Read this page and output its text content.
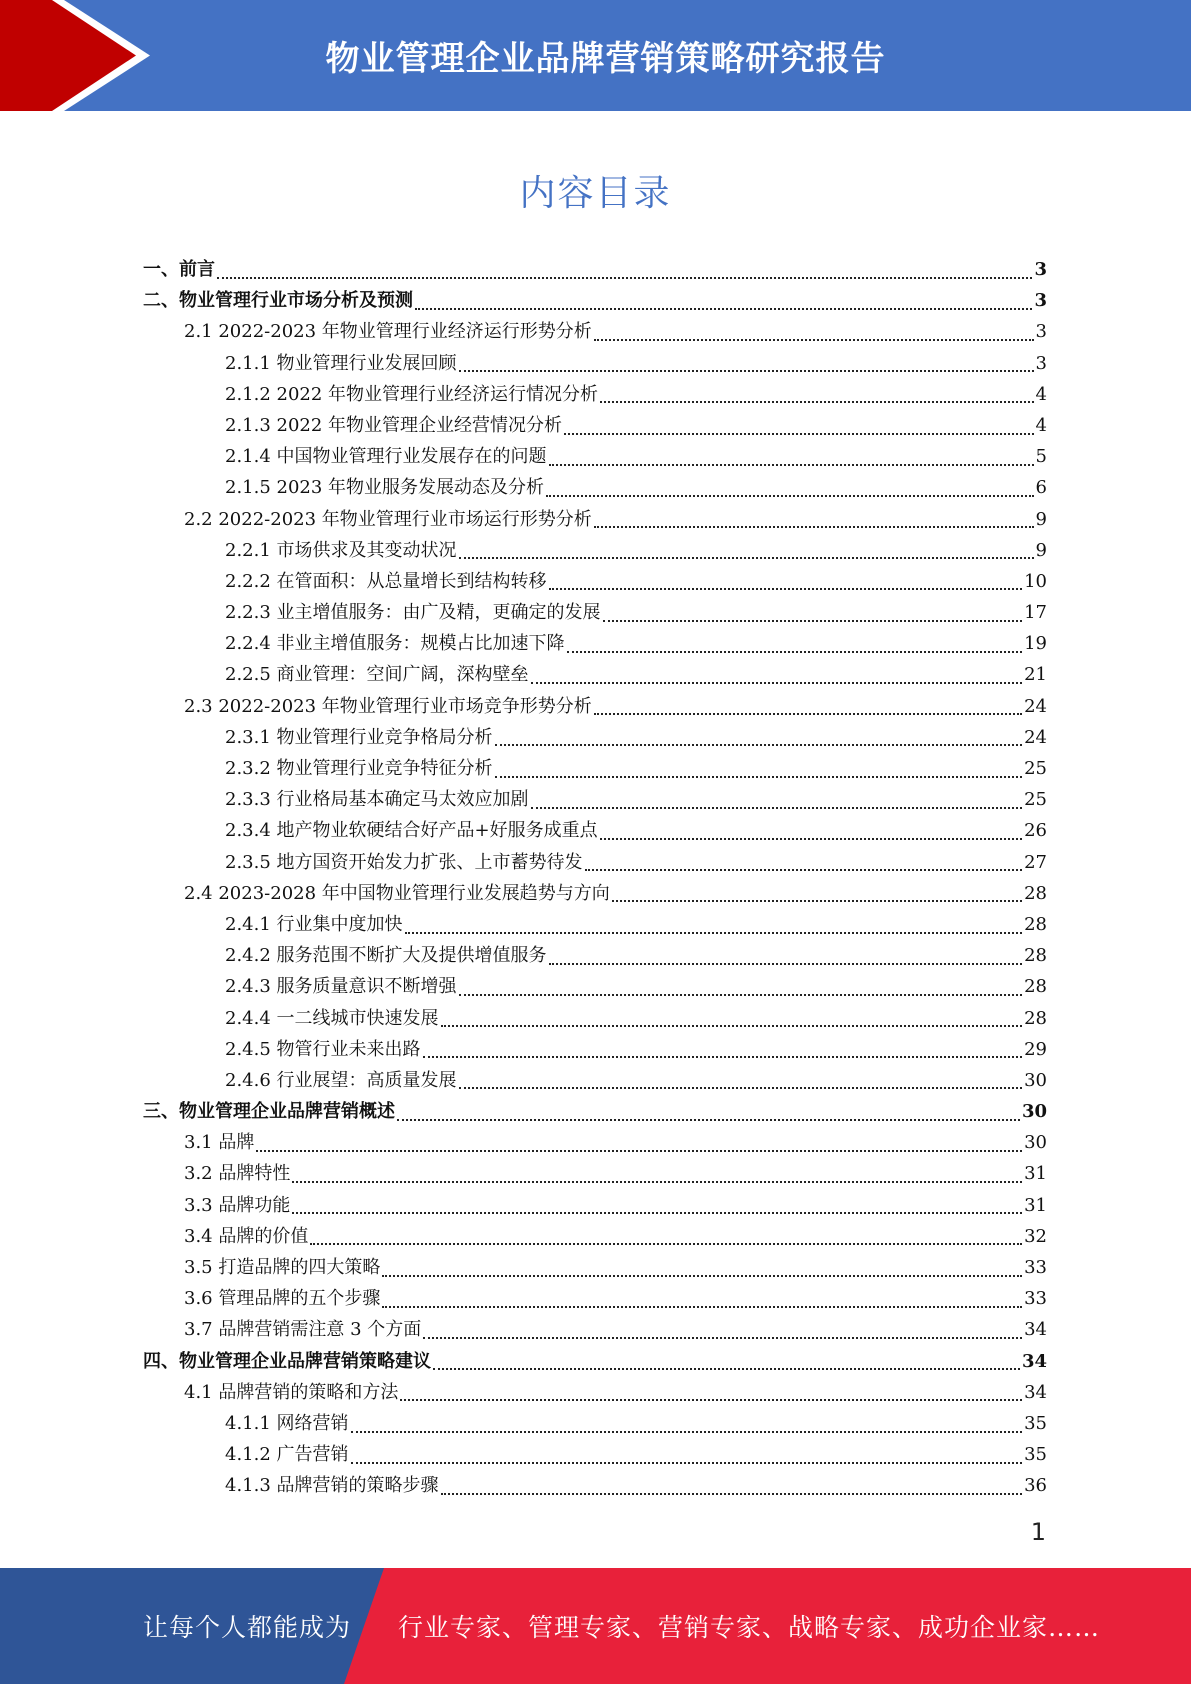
物业管理企业品牌营销策略研究报告
内容目录
一、前言	3
二、物业管理行业市场分析及预测	3
2.1 2022-2023 年物业管理行业经济运行形势分析	3
2.1.1 物业管理行业发展回顾	3
2.1.2 2022 年物业管理行业经济运行情况分析	4
2.1.3 2022 年物业管理企业经营情况分析	4
2.1.4 中国物业管理行业发展存在的问题	5
2.1.5 2023 年物业服务发展动态及分析	6
2.2 2022-2023 年物业管理行业市场运行形势分析	9
2.2.1 市场供求及其变动状况	9
2.2.2 在管面积：从总量增长到结构转移	10
2.2.3 业主增值服务：由广及精，更确定的发展	17
2.2.4 非业主增值服务：规模占比加速下降	19
2.2.5 商业管理：空间广阔，深构壁垒	21
2.3 2022-2023 年物业管理行业市场竞争形势分析	24
2.3.1 物业管理行业竞争格局分析	24
2.3.2 物业管理行业竞争特征分析	25
2.3.3 行业格局基本确定马太效应加剧	25
2.3.4 地产物业软硬结合好产品+好服务成重点	26
2.3.5 地方国资开始发力扩张、上市蓄势待发	27
2.4 2023-2028 年中国物业管理行业发展趋势与方向	28
2.4.1 行业集中度加快	28
2.4.2 服务范围不断扩大及提供增值服务	28
2.4.3 服务质量意识不断增强	28
2.4.4 一二线城市快速发展	28
2.4.5 物管行业未来出路	29
2.4.6 行业展望：高质量发展	30
三、物业管理企业品牌营销概述	30
3.1 品牌	30
3.2 品牌特性	31
3.3 品牌功能	31
3.4 品牌的价值	32
3.5 打造品牌的四大策略	33
3.6 管理品牌的五个步骤	33
3.7 品牌营销需注意 3 个方面	34
四、物业管理企业品牌营销策略建议	34
4.1 品牌营销的策略和方法	34
4.1.1 网络营销	35
4.1.2 广告营销	35
4.1.3 品牌营销的策略步骤	36
1
让每个人都能成为 行业专家、管理专家、营销专家、战略专家、成功企业家……
